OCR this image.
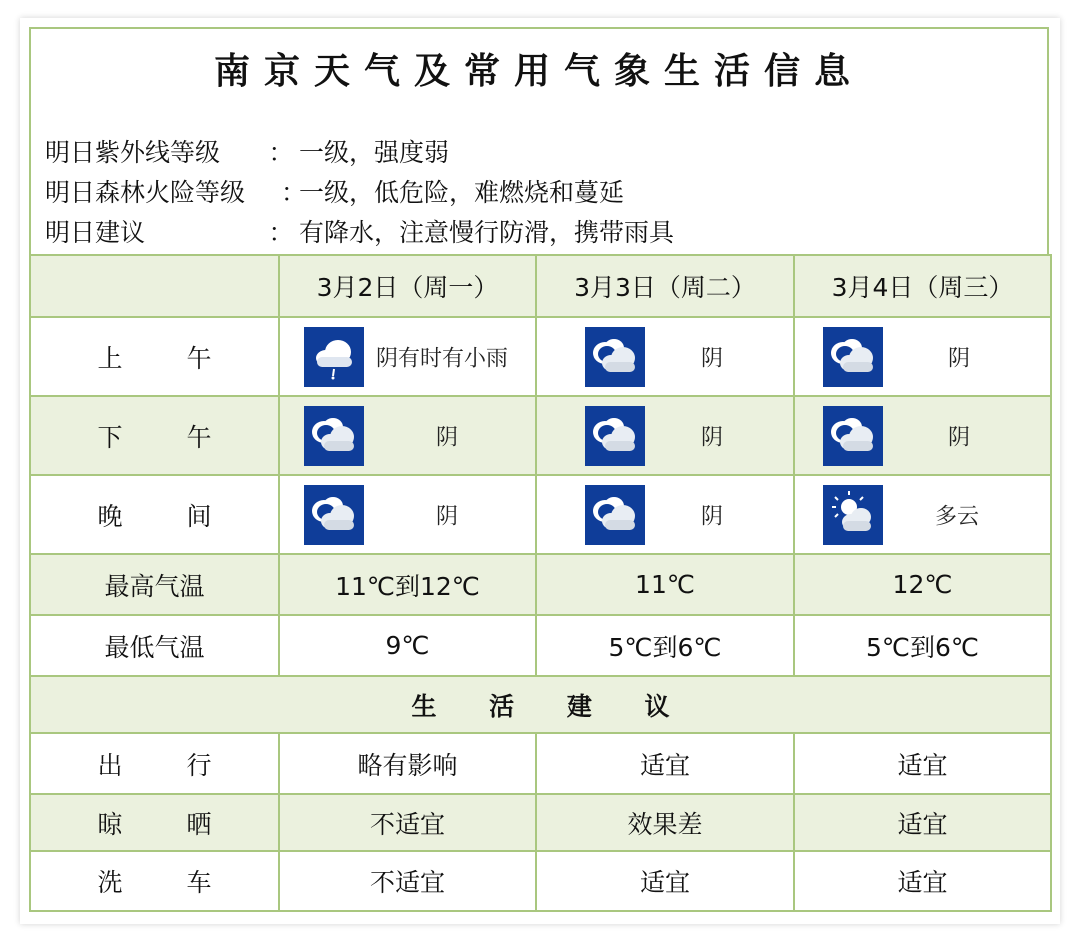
南京天气及常用气象生活信息
明日紫外线等级 ： 一级，强度弱
明日森林火险等级 ：一级，低危险，难燃烧和蔓延
明日建议	： 有降水，注意慢行防滑，携带雨具
	3月2日（周一）	3月3日（周二）	3月4日（周三）
上 午	阴有时有小雨	阴	阴

下 午	阴	阴	阴

晚 间	阴	阴	多云

最高气温	11℃到12℃	11℃	12℃
最低气温	9℃	5℃到6℃	5℃到6℃
生 活 建 议			
出 行	略有影响	适宜	适宜
晾 晒	不适宜	效果差	适宜
洗 车	不适宜	适宜	适宜
